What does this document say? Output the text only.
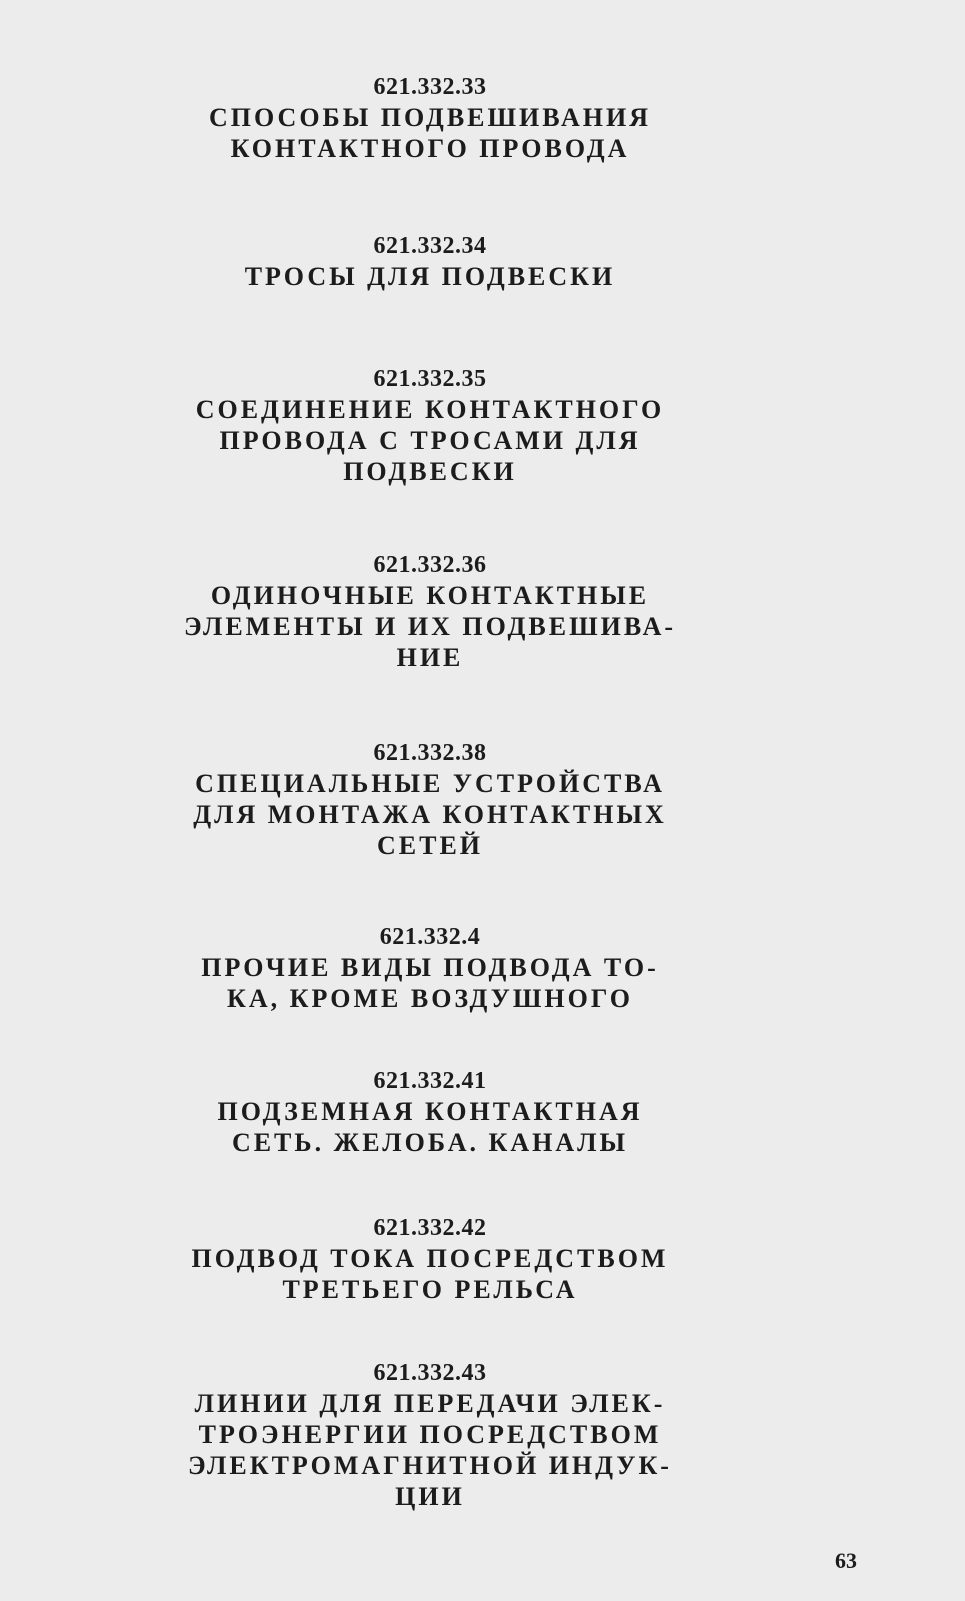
621.332.33
СПОСОБЫ ПОДВЕШИВАНИЯ
КОНТАКТНОГО ПРОВОДА
621.332.34
ТРОСЫ ДЛЯ ПОДВЕСКИ
621.332.35
СОЕДИНЕНИЕ КОНТАКТНОГО
ПРОВОДА С ТРОСАМИ ДЛЯ
ПОДВЕСКИ
621.332.36
ОДИНОЧНЫЕ КОНТАКТНЫЕ
ЭЛЕМЕНТЫ И ИХ ПОДВЕШИВА-
НИЕ
621.332.38
СПЕЦИАЛЬНЫЕ УСТРОЙСТВА
ДЛЯ МОНТАЖА КОНТАКТНЫХ
СЕТЕЙ
621.332.4
ПРОЧИЕ ВИДЫ ПОДВОДА ТО-
КА, КРОМЕ ВОЗДУШНОГО
621.332.41
ПОДЗЕМНАЯ КОНТАКТНАЯ
СЕТЬ. ЖЕЛОБА. КАНАЛЫ
621.332.42
ПОДВОД ТОКА ПОСРЕДСТВОМ
ТРЕТЬЕГО РЕЛЬСА
621.332.43
ЛИНИИ ДЛЯ ПЕРЕДАЧИ ЭЛЕК-
ТРОЭНЕРГИИ ПОСРЕДСТВОМ
ЭЛЕКТРОМАГНИТНОЙ ИНДУК-
ЦИИ
63
